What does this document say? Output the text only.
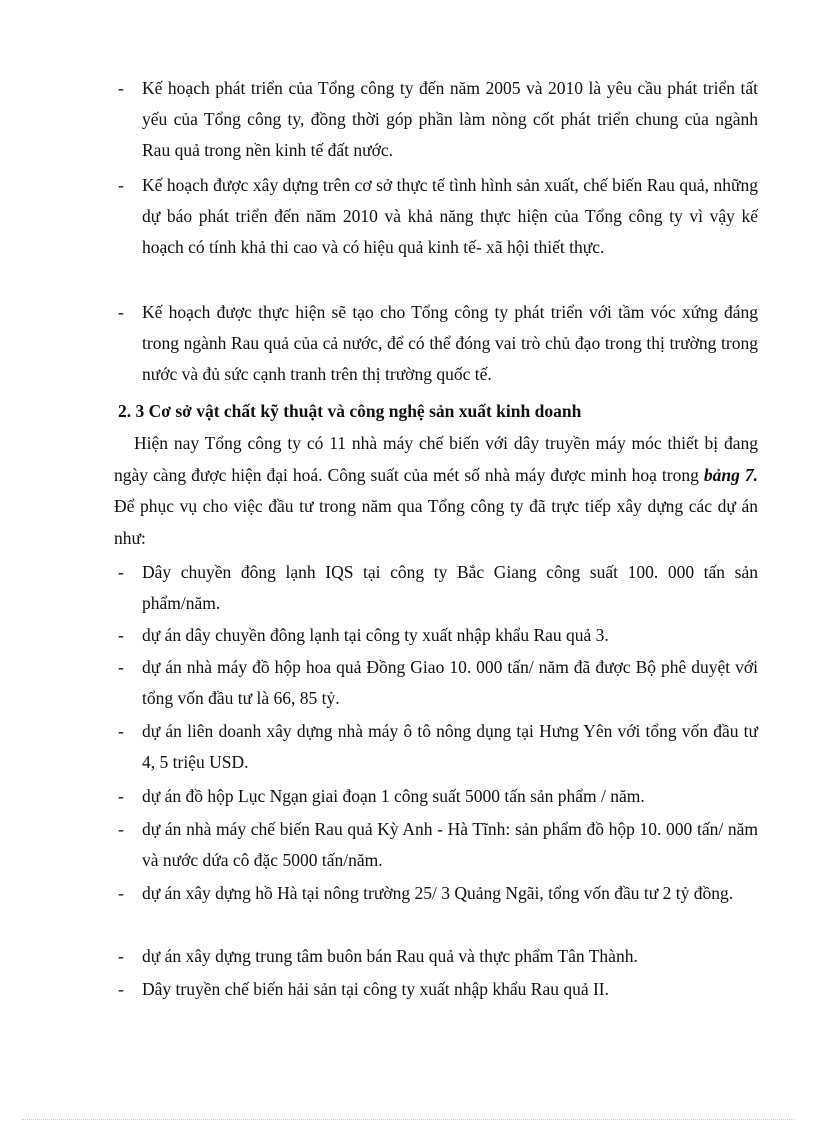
-	Kế hoạch phát triển của Tổng công ty đến năm 2005 và 2010 là yêu cầu phát triển tất yếu của Tổng công ty, đồng thời góp phần làm nòng cốt phát triển chung của ngành Rau quả trong nền kinh tế đất nước.
-	Kế hoạch được xây dựng trên cơ sở thực tế tình hình sản xuất, chế biến Rau quả, những dự báo phát triển đến năm 2010 và khả năng thực hiện của Tổng công ty vì vậy kế hoạch có tính khả thi cao và có hiệu quả kinh tế- xã hội thiết thực.
-	Kế hoạch được thực hiện sẽ tạo cho Tổng công ty phát triển với tầm vóc xứng đáng trong ngành Rau quả của cả nước, để có thể đóng vai trò chủ đạo trong thị trường trong nước và đủ sức cạnh tranh trên thị trường quốc tế.
2. 3 Cơ sở vật chất kỹ thuật và công nghệ sản xuất kinh doanh

Hiện nay Tổng công ty có 11 nhà máy chế biến với dây truyền máy móc thiết bị đang ngày càng được hiện đại hoá. Công suất của mét số nhà máy được minh hoạ trong bảng 7. Để phục vụ cho việc đầu tư trong năm qua Tổng công ty đã trực tiếp xây dựng các dự án như:

-	Dây chuyền đông lạnh IQS tại công ty Bắc Giang công suất 100. 000 tấn sản phẩm/năm.
-	dự án dây chuyền đông lạnh tại công ty xuất nhập khẩu Rau quả 3.
-	dự án nhà máy đồ hộp hoa quả Đồng Giao 10. 000 tấn/ năm đã được Bộ phê duyệt với tổng vốn đầu tư là 66, 85 tỷ.
-	dự án liên doanh xây dựng nhà máy ô tô nông dụng tại Hưng Yên với tổng vốn đầu tư 4, 5 triệu USD.
-	dự án đồ hộp Lục Ngạn giai đoạn 1 công suất 5000 tấn sản phẩm / năm.
-	dự án nhà máy chế biến Rau quả Kỳ Anh - Hà Tĩnh: sản phẩm đồ hộp 10. 000 tấn/ năm và nước dứa cô đặc 5000 tấn/năm.
-	dự án xây dựng hồ Hà tại nông trường 25/ 3 Quảng Ngãi, tổng vốn đầu tư 2 tỷ đồng.
-	dự án xây dựng trung tâm buôn bán Rau quả và thực phẩm Tân Thành.
-	Dây truyền chế biến hải sản tại công ty xuất nhập khẩu Rau quả II.
